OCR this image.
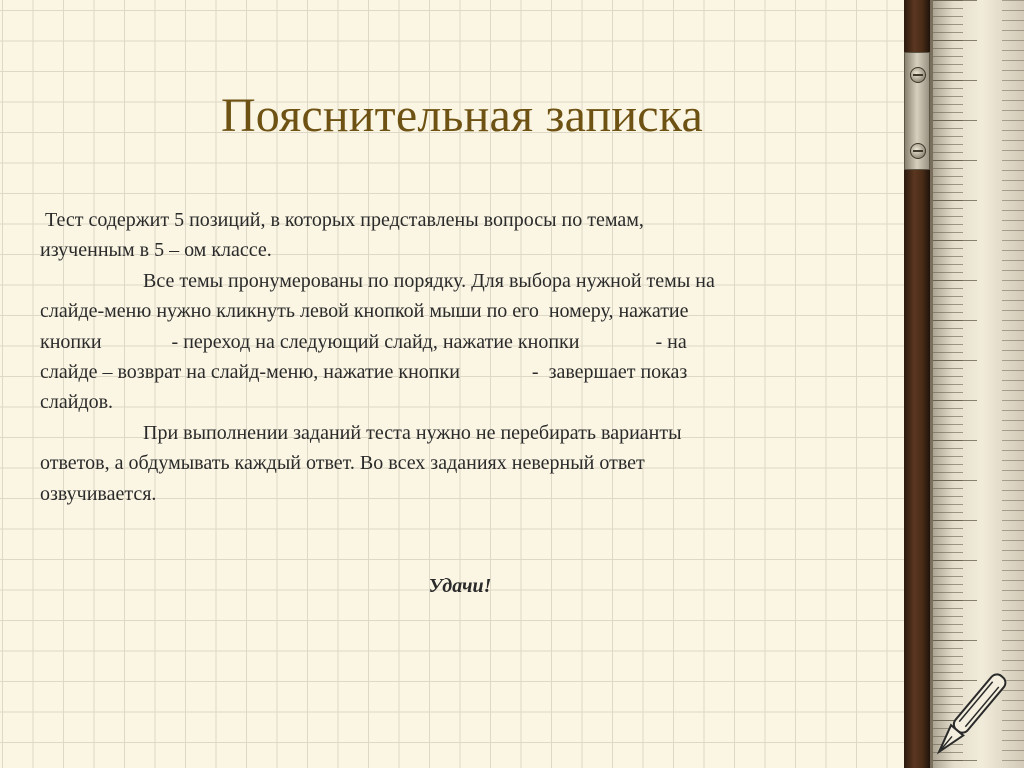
Пояснительная записка

Тест содержит 5 позиций, в которых представлены вопросы по темам,
изученным в 5 – ом классе.

Все темы пронумерованы по порядку. Для выбора нужной темы на
слайде-меню нужно кликнуть левой кнопкой мыши по его  номеру, нажатие
кнопки	- переход на следующий слайд, нажатие кнопки	- на
слайде – возврат на слайд-меню, нажатие кнопки	-  завершает показ
слайдов.

При выполнении заданий теста нужно не перебирать варианты
ответов, а обдумывать каждый ответ. Во всех заданиях неверный ответ
озвучивается.

Удачи!
